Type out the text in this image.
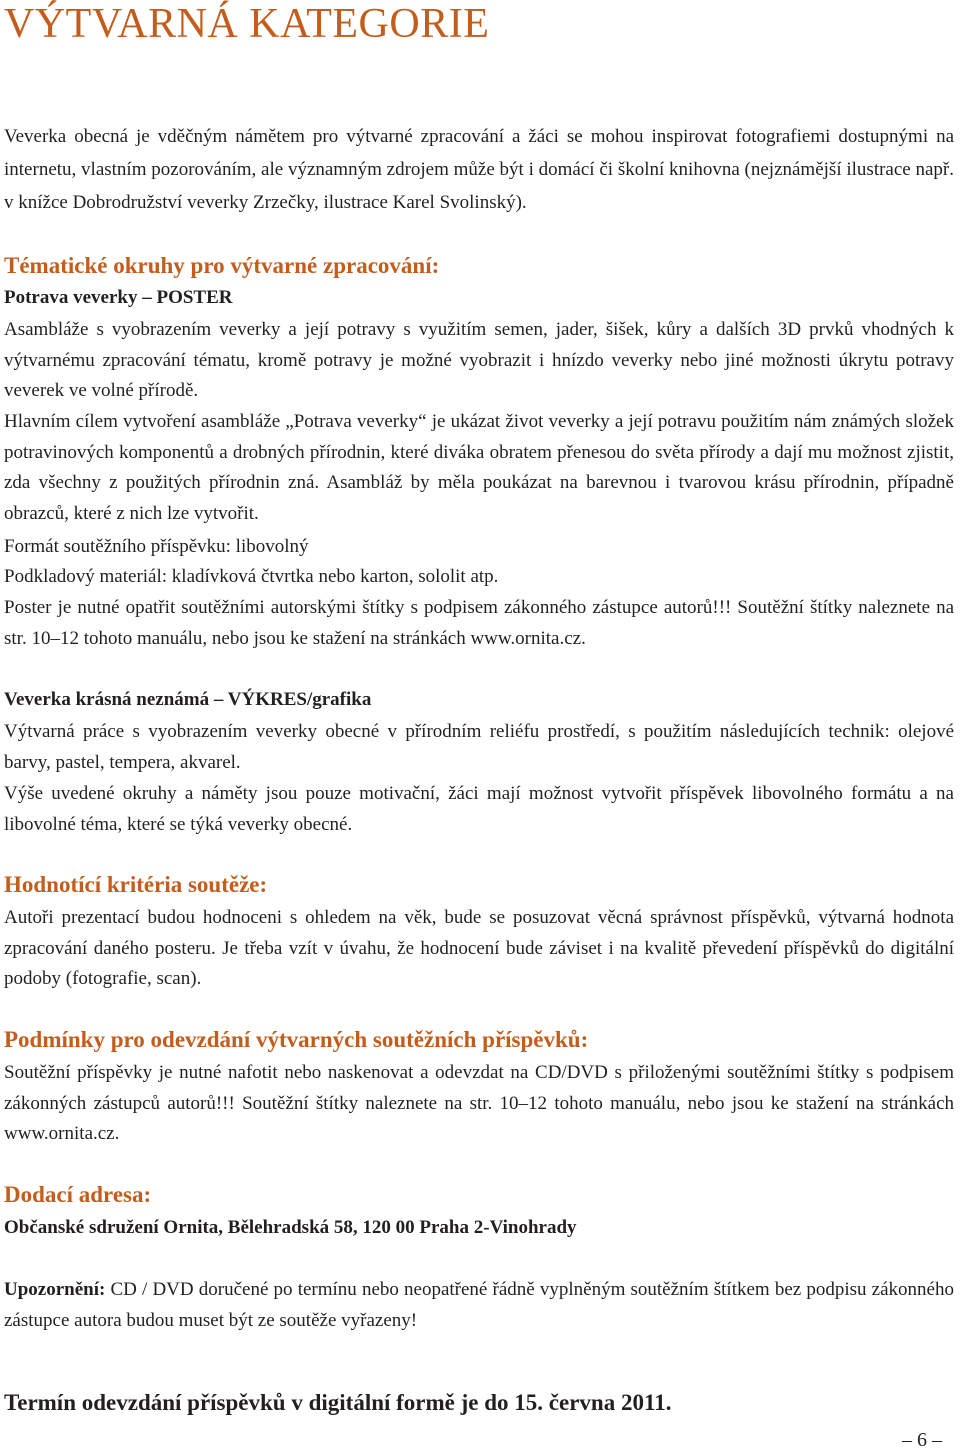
VÝTVARNÁ KATEGORIE

Veverka obecná je vděčným námětem pro výtvarné zpracování a žáci se mohou inspirovat fotografiemi dostupnými na internetu, vlastním pozorováním, ale významným zdrojem může být i domácí či školní knihovna (nejznámější ilustrace např. v knížce Dobrodružství veverky Zrzečky, ilustrace Karel Svolinský).

Tématické okruhy pro výtvarné zpracování:
Potrava veverky – POSTER

Asambláže s vyobrazením veverky a její potravy s využitím semen, jader, šišek, kůry a dalších 3D prvků vhodných k výtvarnému zpracování tématu, kromě potravy je možné vyobrazit i hnízdo veverky nebo jiné možnosti úkrytu potravy veverek ve volné přírodě.

Hlavním cílem vytvoření asambláže „Potrava veverky“ je ukázat život veverky a její potravu použitím nám známých složek potravinových komponentů a drobných přírodnin, které diváka obratem přenesou do světa přírody a dají mu možnost zjistit, zda všechny z použitých přírodnin zná. Asambláž by měla poukázat na barevnou i tvarovou krásu přírodnin, případně obrazců, které z nich lze vytvořit.

Formát soutěžního příspěvku: libovolný

Podkladový materiál: kladívková čtvrtka nebo karton, sololit atp.

Poster je nutné opatřit soutěžními autorskými štítky s podpisem zákonného zástupce autorů!!! Soutěžní štítky naleznete na str. 10–12 tohoto manuálu, nebo jsou ke stažení na stránkách www.ornita.cz.

Veverka krásná neznámá – VÝKRES/grafika

Výtvarná práce s vyobrazením veverky obecné v přírodním reliéfu prostředí, s použitím následujících technik: olejové barvy, pastel, tempera, akvarel.

Výše uvedené okruhy a náměty jsou pouze motivační, žáci mají možnost vytvořit příspěvek libovolného formátu a na libovolné téma, které se týká veverky obecné.

Hodnotící kritéria soutěže:

Autoři prezentací budou hodnoceni s ohledem na věk, bude se posuzovat věcná správnost příspěvků, výtvarná hodnota zpracování daného posteru. Je třeba vzít v úvahu, že hodnocení bude záviset i na kvalitě převedení příspěvků do digitální podoby (fotografie, scan).

Podmínky pro odevzdání výtvarných soutěžních příspěvků:

Soutěžní příspěvky je nutné nafotit nebo naskenovat a odevzdat na CD/DVD s přiloženými soutěžními štítky s podpisem zákonných zástupců autorů!!! Soutěžní štítky naleznete na str. 10–12 tohoto manuálu, nebo jsou ke stažení na stránkách www.ornita.cz.

Dodací adresa:
Občanské sdružení Ornita, Bělehradská 58, 120 00 Praha 2-Vinohrady

Upozornění: CD / DVD doručené po termínu nebo neopatřené řádně vyplněným soutěžním štítkem bez podpisu zákonného zástupce autora budou muset být ze soutěže vyřazeny!

Termín odevzdání příspěvků v digitální formě je do 15. června 2011.
– 6 –
